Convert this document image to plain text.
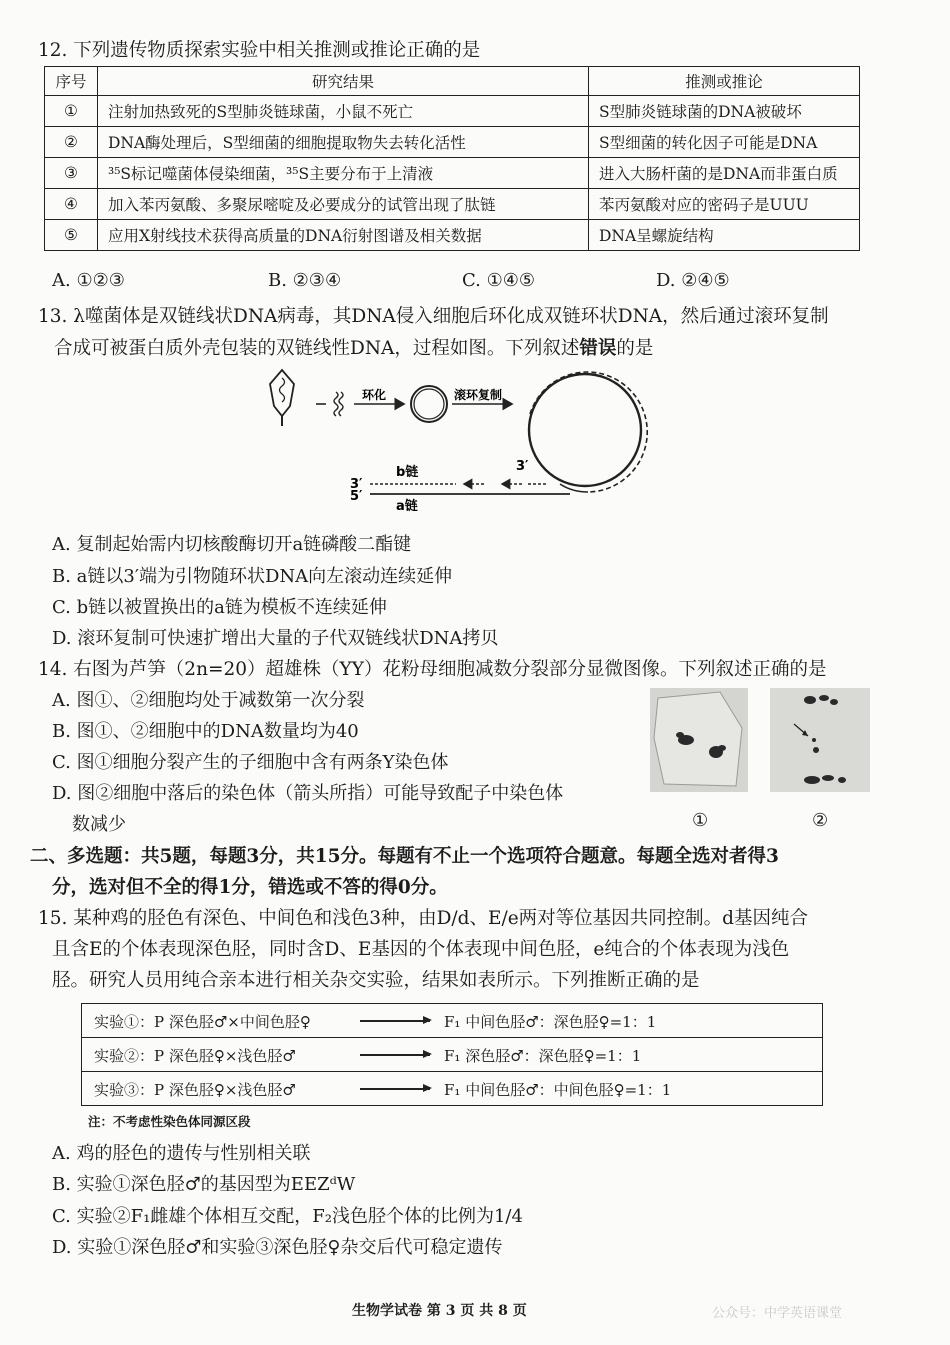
12. 下列遗传物质探索实验中相关推测或推论正确的是
序号	研究结果	推测或推论
①	注射加热致死的S型肺炎链球菌，小鼠不死亡	S型肺炎链球菌的DNA被破坏
②	DNA酶处理后，S型细菌的细胞提取物失去转化活性	S型细菌的转化因子可能是DNA
③	³⁵S标记噬菌体侵染细菌，³⁵S主要分布于上清液	进入大肠杆菌的是DNA而非蛋白质
④	加入苯丙氨酸、多聚尿嘧啶及必要成分的试管出现了肽链	苯丙氨酸对应的密码子是UUU
⑤	应用X射线技术获得高质量的DNA衍射图谱及相关数据	DNA呈螺旋结构
A. ①②③	B. ②③④	C. ①④⑤	D. ②④⑤
13. λ噬菌体是双链线状DNA病毒，其DNA侵入细胞后环化成双链环状DNA，然后通过滚环复制
合成可被蛋白质外壳包装的双链线性DNA，过程如图。下列叙述错误的是
环化	滚环复制
3′
3′
b链
5′
a链
A. 复制起始需内切核酸酶切开a链磷酸二酯键
B. a链以3′端为引物随环状DNA向左滚动连续延伸
C. b链以被置换出的a链为模板不连续延伸
D. 滚环复制可快速扩增出大量的子代双链线状DNA拷贝
14. 右图为芦笋（2n=20）超雄株（YY）花粉母细胞减数分裂部分显微图像。下列叙述正确的是
A. 图①、②细胞均处于减数第一次分裂
B. 图①、②细胞中的DNA数量均为40
C. 图①细胞分裂产生的子细胞中含有两条Y染色体
D. 图②细胞中落后的染色体（箭头所指）可能导致配子中染色体
数减少	①	②
二、多选题：共5题，每题3分，共15分。每题有不止一个选项符合题意。每题全选对者得3
分，选对但不全的得1分，错选或不答的得0分。
15. 某种鸡的胫色有深色、中间色和浅色3种，由D/d、E/e两对等位基因共同控制。d基因纯合
且含E的个体表现深色胫，同时含D、E基因的个体表现中间色胫，e纯合的个体表现为浅色
胫。研究人员用纯合亲本进行相关杂交实验，结果如表所示。下列推断正确的是
实验①：P 深色胫♂×中间色胫♀	F₁ 中间色胫♂：深色胫♀=1：1
实验②：P 深色胫♀×浅色胫♂	F₁ 深色胫♂：深色胫♀=1：1
实验③：P 深色胫♀×浅色胫♂	F₁ 中间色胫♂：中间色胫♀=1：1
注：不考虑性染色体同源区段
A. 鸡的胫色的遗传与性别相关联
B. 实验①深色胫♂的基因型为EEZᵈW
C. 实验②F₁雌雄个体相互交配，F₂浅色胫个体的比例为1/4
D. 实验①深色胫♂和实验③深色胫♀杂交后代可稳定遗传
生物学试卷 第 3 页 共 8 页	公众号：中学英语课堂
